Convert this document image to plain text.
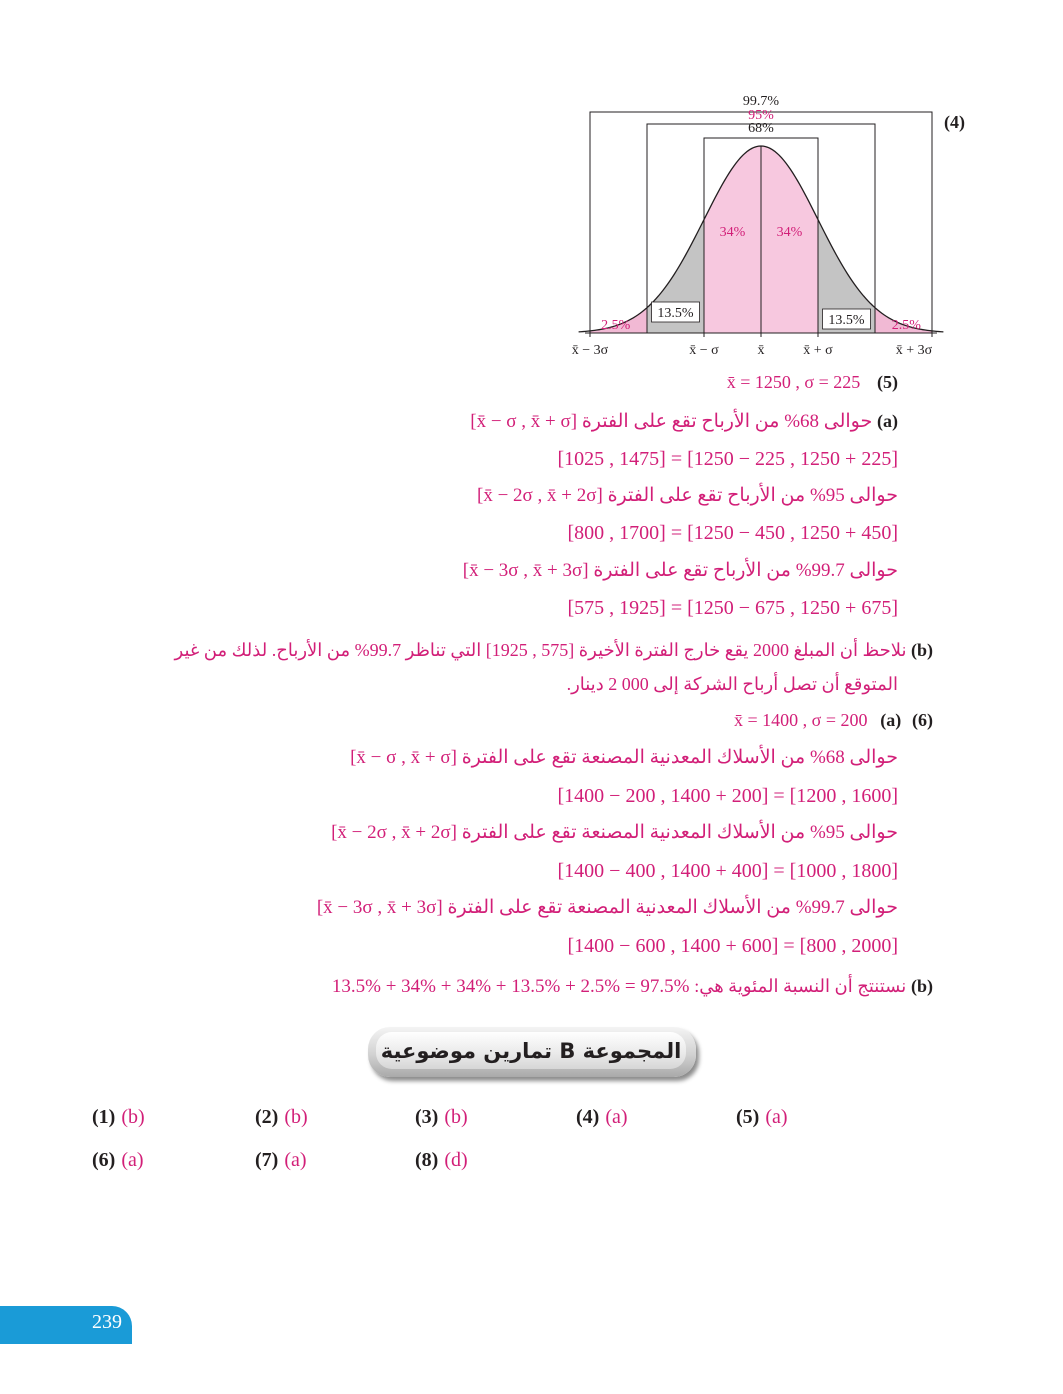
(4)
99.7%
95%
68%
2.5%
13.5%
34% 34%
13.5% 2.5%
x̄ − 3σ	x̄ − σ	x̄	x̄ + σ	x̄ + 3σ
x̄ = 1250 , σ = 225 (5)
(a) حوالى 68% من الأرباح تقع على الفترة [x̄ − σ , x̄ + σ]
[1025 , 1475] = [1250 − 225 , 1250 + 225]
حوالى 95% من الأرباح تقع على الفترة [x̄ − 2σ , x̄ + 2σ]
[800 , 1700] = [1250 − 450 , 1250 + 450]
حوالى 99.7% من الأرباح تقع على الفترة [x̄ − 3σ , x̄ + 3σ]
[575 , 1925] = [1250 − 675 , 1250 + 675]
(b) نلاحظ أن المبلغ 2000 يقع خارج الفترة الأخيرة [575 , 1925] التي تناظر 99.7% من الأرباح. لذلك من غير
المتوقع أن تصل أرباح الشركة إلى 000 2 دينار.
x̄ = 1400 , σ = 200 (a) (6)
حوالى 68% من الأسلاك المعدنية المصنعة تقع على الفترة [x̄ − σ , x̄ + σ]
[1400 − 200 , 1400 + 200] = [1200 , 1600]
حوالى 95% من الأسلاك المعدنية المصنعة تقع على الفترة [x̄ − 2σ , x̄ + 2σ]
[1400 − 400 , 1400 + 400] = [1000 , 1800]
حوالى 99.7% من الأسلاك المعدنية المصنعة تقع على الفترة [x̄ − 3σ , x̄ + 3σ]
[1400 − 600 , 1400 + 600] = [800 , 2000]
(b) نستنتج أن النسبة المئوية هي: 13.5% + 34% + 34% + 13.5% + 2.5% = 97.5%
المجموعة B تمارين موضوعية
(1) (b)	(2) (b)	(3) (b)	(4) (a)	(5) (a)
(6) (a)	(7) (a)	(8) (d)
239
